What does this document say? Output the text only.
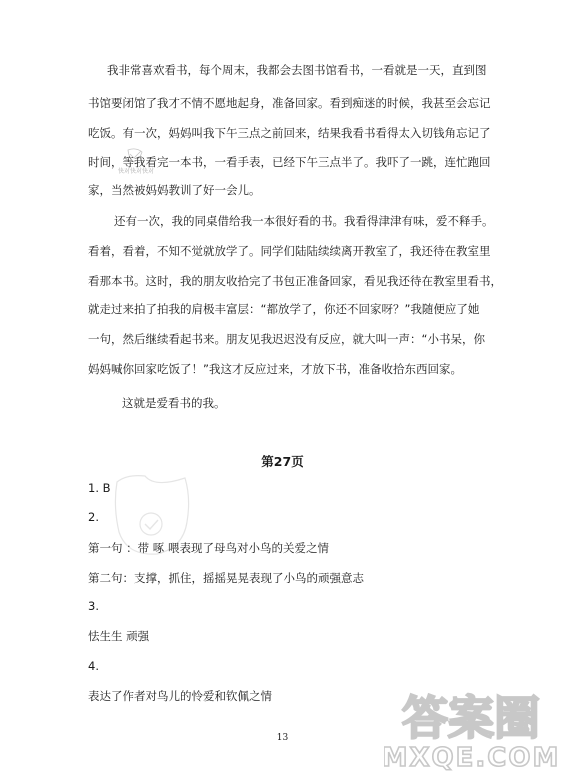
我非常喜欢看书，每个周末，我都会去图书馆看书，一看就是一天，直到图
书馆要闭馆了我才不情不愿地起身，准备回家。看到痴迷的时候，我甚至会忘记
吃饭。有一次，妈妈叫我下午三点之前回来，结果我看书看得太入切钱角忘记了
时间，等我看完一本书，一看手表，已经下午三点半了。我吓了一跳，连忙跑回
家，当然被妈妈教训了好一会儿。
还有一次，我的同桌借给我一本很好看的书。我看得津津有味，爱不释手。
看着，看着，不知不觉就放学了。同学们陆陆续续离开教室了，我还待在教室里
看那本书。这时，我的朋友收拾完了书包正准备回家，看见我还待在教室里看书，
就走过来拍了拍我的肩极丰富层：“都放学了，你还不回家呀？”我随便应了她
一句，然后继续看起书来。朋友见我迟迟没有反应，就大叫一声：“小书呆，你
妈妈喊你回家吃饭了！”我这才反应过来，才放下书，准备收拾东西回家。
这就是爱看书的我。
快对快对快对
第27页
1. B
2.
第一句 ：带 啄 喂表现了母鸟对小鸟的关爱之情
第二句：支撑，抓住，摇摇晃晃表现了小鸟的顽强意志
3.
怯生生 顽强
4.
表达了作者对鸟儿的怜爱和钦佩之情
13	答案圈
MXQE.COM
